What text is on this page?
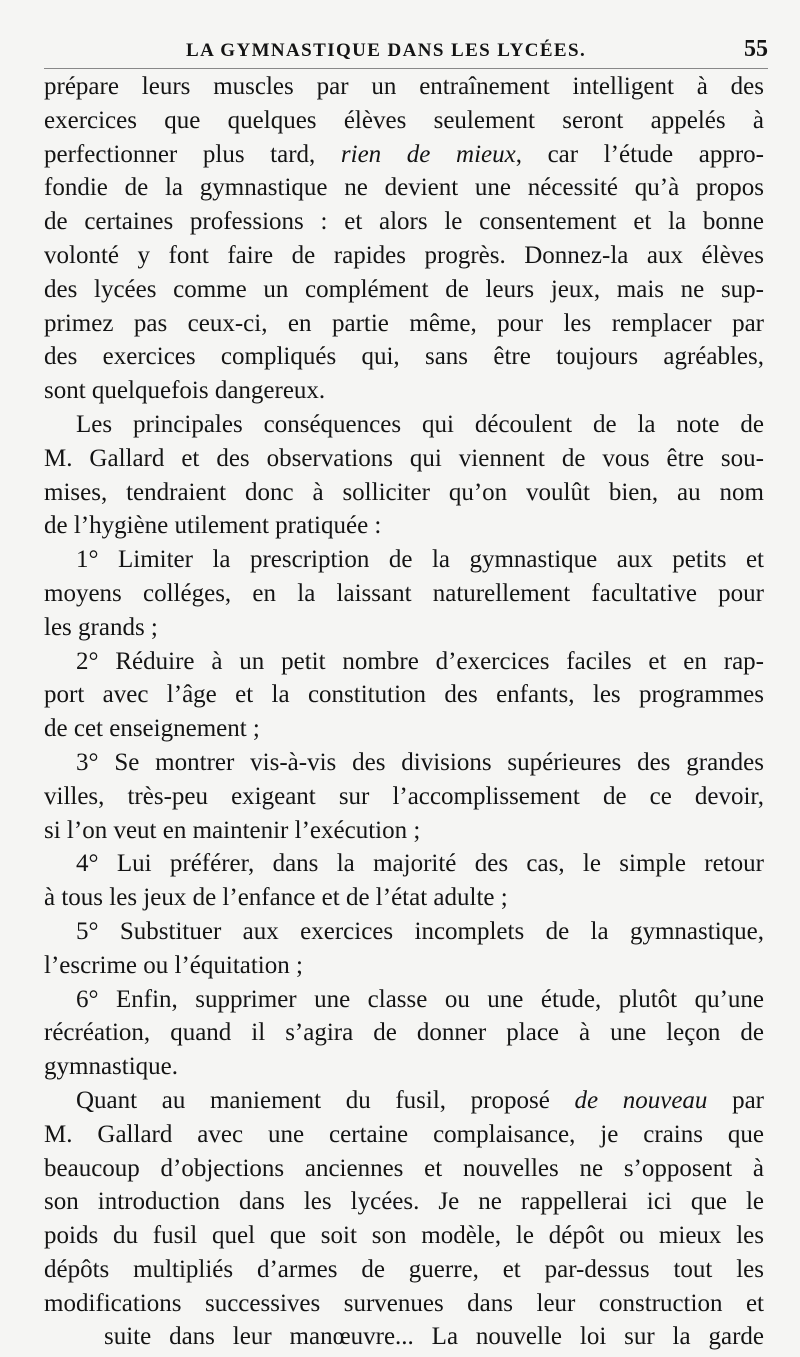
LA GYMNASTIQUE DANS LES LYCÉES.	55
prépare leurs muscles par un entraînement intelligent à des
exercices que quelques élèves seulement seront appelés à
perfectionner plus tard, rien de mieux, car l’étude appro-
fondie de la gymnastique ne devient une nécessité qu’à propos
de certaines professions : et alors le consentement et la bonne
volonté y font faire de rapides progrès. Donnez-la aux élèves
des lycées comme un complément de leurs jeux, mais ne sup-
primez pas ceux-ci, en partie même, pour les remplacer par
des exercices compliqués qui, sans être toujours agréables,
sont quelquefois dangereux.
Les principales conséquences qui découlent de la note de
M. Gallard et des observations qui viennent de vous être sou-
mises, tendraient donc à solliciter qu’on voulût bien, au nom
de l’hygiène utilement pratiquée :
1° Limiter la prescription de la gymnastique aux petits et
moyens colléges, en la laissant naturellement facultative pour
les grands ;
2° Réduire à un petit nombre d’exercices faciles et en rap-
port avec l’âge et la constitution des enfants, les programmes
de cet enseignement ;
3° Se montrer vis-à-vis des divisions supérieures des grandes
villes, très-peu exigeant sur l’accomplissement de ce devoir,
si l’on veut en maintenir l’exécution ;
4° Lui préférer, dans la majorité des cas, le simple retour
à tous les jeux de l’enfance et de l’état adulte ;
5° Substituer aux exercices incomplets de la gymnastique,
l’escrime ou l’équitation ;
6° Enfin, supprimer une classe ou une étude, plutôt qu’une
récréation, quand il s’agira de donner place à une leçon de
gymnastique.
Quant au maniement du fusil, proposé de nouveau par
M. Gallard avec une certaine complaisance, je crains que
beaucoup d’objections anciennes et nouvelles ne s’opposent à
son introduction dans les lycées. Je ne rappellerai ici que le
poids du fusil quel que soit son modèle, le dépôt ou mieux les
dépôts multipliés d’armes de guerre, et par-dessus tout les
modifications successives survenues dans leur construction et
suite dans leur manœuvre... La nouvelle loi sur la garde
